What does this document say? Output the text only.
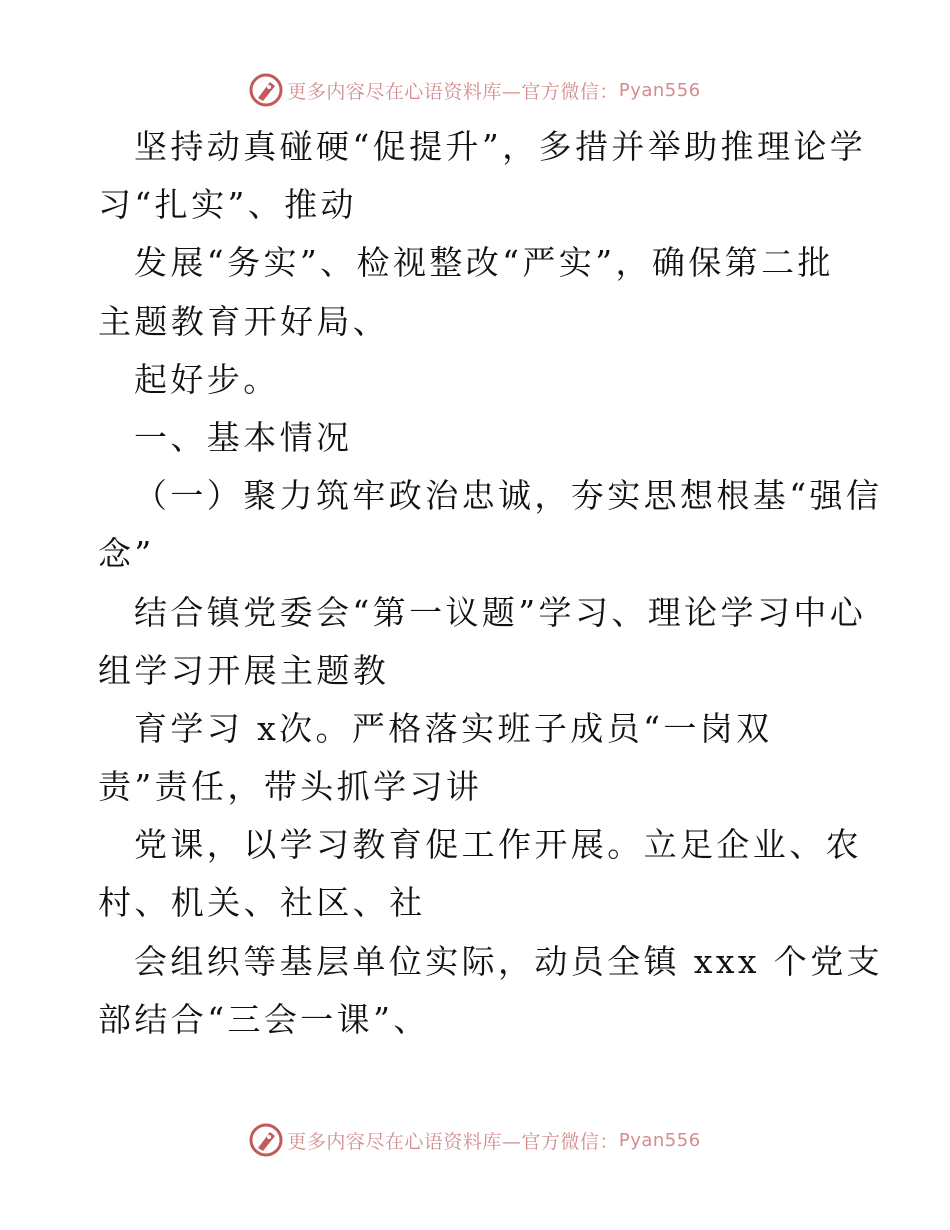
更多内容尽在心语资料库—官方微信： Pyan556
坚持动真碰硬“促提升”，多措并举助推理论学
习“扎实”、推动
发展“务实”、检视整改“严实”，确保第二批
主题教育开好局、
起好步。
一、基本情况
（一）聚力筑牢政治忠诚，夯实思想根基“强信
念”
结合镇党委会“第一议题”学习、理论学习中心
组学习开展主题教
育学习 x次。严格落实班子成员“一岗双
责”责任，带头抓学习讲
党课，以学习教育促工作开展。立足企业、农
村、机关、社区、社
会组织等基层单位实际，动员全镇 xxx 个党支
部结合“三会一课”、
更多内容尽在心语资料库—官方微信： Pyan556
